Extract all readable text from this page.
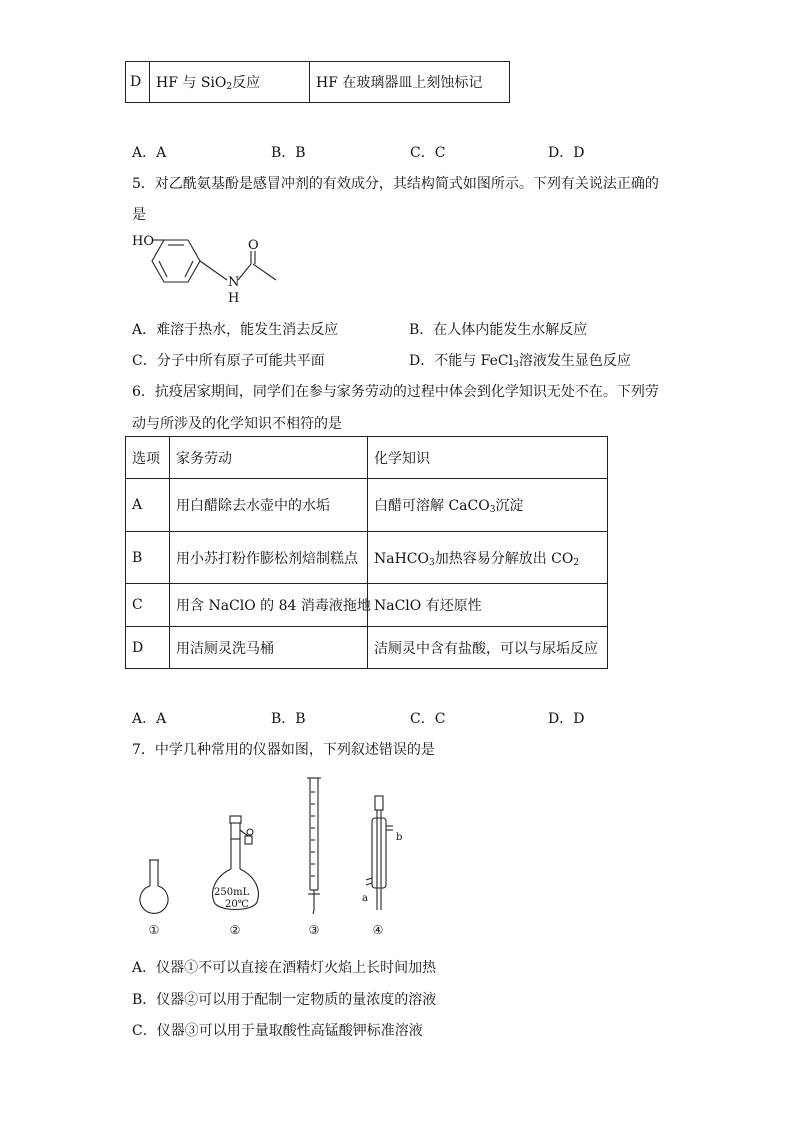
D	HF 与 SiO$_2$反应	HF 在玻璃器皿上刻蚀标记
A．A	B．B	C．C	D．D
5．对乙酰氨基酚是感冒冲剂的有效成分，其结构简式如图所示。下列有关说法正确的
是
HO
N
H
O
A．难溶于热水，能发生消去反应	B．在人体内能发生水解反应
C．分子中所有原子可能共平面	D．不能与 FeCl$_3$溶液发生显色反应
6．抗疫居家期间，同学们在参与家务劳动的过程中体会到化学知识无处不在。下列劳
动与所涉及的化学知识不相符的是
选项	家务劳动	化学知识
A	用白醋除去水壶中的水垢	白醋可溶解 CaCO$_3$沉淀
B	用小苏打粉作膨松剂焙制糕点	NaHCO$_3$加热容易分解放出 $CO_2$
C	用含 NaClO 的 84 消毒液拖地	NaClO 有还原性
D	用洁厕灵洗马桶	洁厕灵中含有盐酸，可以与尿垢反应
A．A	B．B	C．C	D．D
7．中学几种常用的仪器如图，下列叙述错误的是
250mL
20℃
b
a
①	②	③	④
A．仪器①不可以直接在酒精灯火焰上长时间加热
B．仪器②可以用于配制一定物质的量浓度的溶液
C．仪器③可以用于量取酸性高锰酸钾标准溶液
